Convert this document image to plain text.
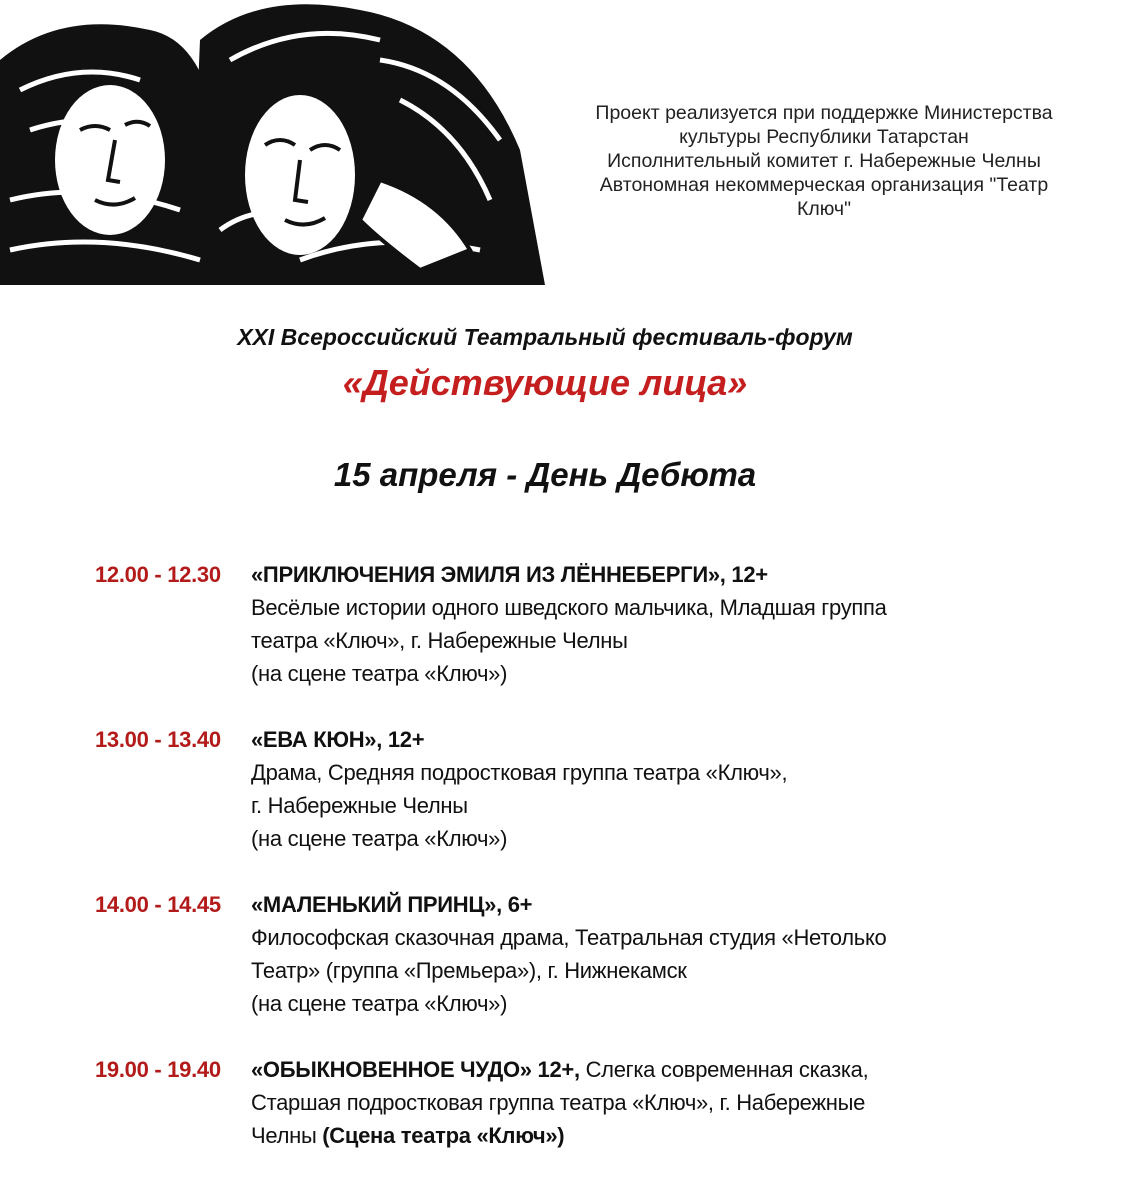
Проект реализуется при поддержке Министерства
культуры Республики Татарстан
Исполнительный комитет г. Набережные Челны
Автономная некоммерческая организация "Театр
Ключ"
XXI Всероссийский Театральный фестиваль-форум
«Действующие лица»
15 апреля - День Дебюта
12.00 - 12.30	«ПРИКЛЮЧЕНИЯ ЭМИЛЯ ИЗ ЛЁННЕБЕРГИ», 12+
Весёлые истории одного шведского мальчика, Младшая группа
театра «Ключ», г. Набережные Челны
(на сцене театра «Ключ»)
13.00 - 13.40	«ЕВА КЮН», 12+
Драма, Средняя подростковая группа театра «Ключ»,
г. Набережные Челны
(на сцене театра «Ключ»)
14.00 - 14.45	«МАЛЕНЬКИЙ ПРИНЦ», 6+
Философская сказочная драма, Театральная студия «Нетолько
Театр» (группа «Премьера»), г. Нижнекамск
(на сцене театра «Ключ»)
19.00 - 19.40	«ОБЫКНОВЕННОЕ ЧУДО» 12+, Слегка современная сказка,
Старшая подростковая группа театра «Ключ», г. Набережные
Челны (Сцена театра «Ключ»)
